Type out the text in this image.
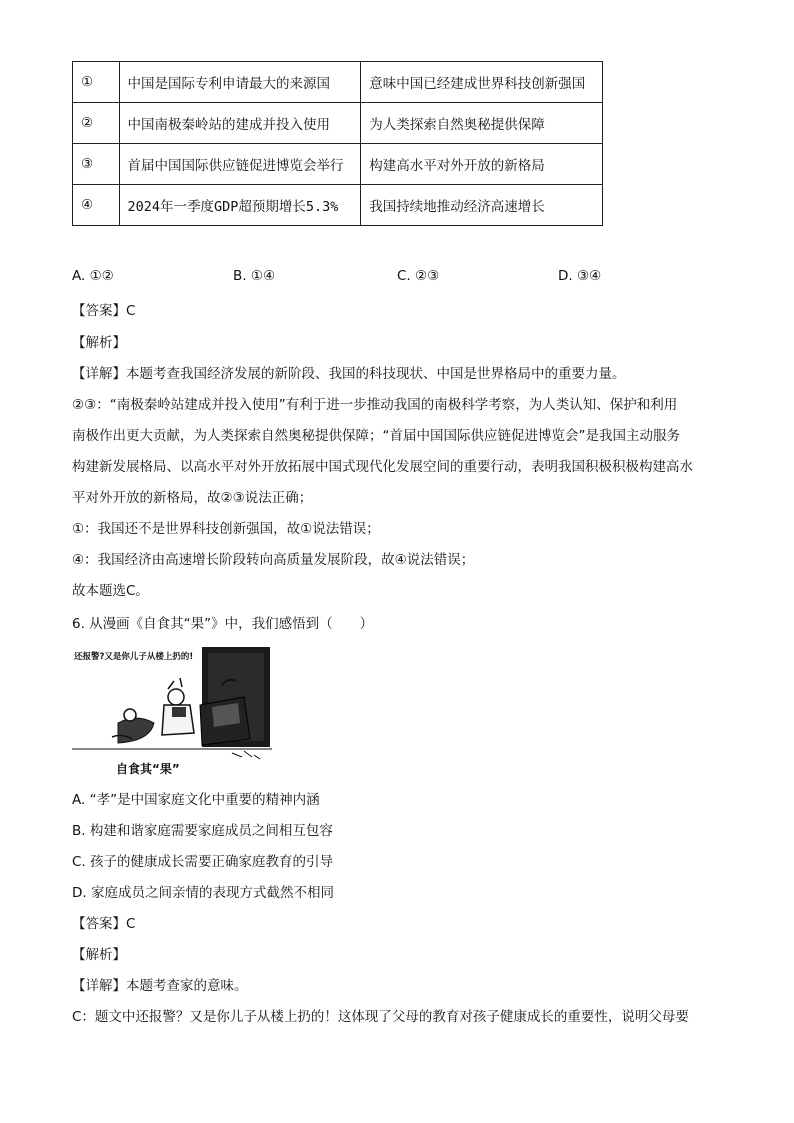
①	中国是国际专利申请最大的来源国	意味中国已经建成世界科技创新强国
②	中国南极秦岭站的建成并投入使用	为人类探索自然奥秘提供保障
③	首届中国国际供应链促进博览会举行	构建高水平对外开放的新格局
④	2024年一季度GDP超预期增长5.3%	我国持续地推动经济高速增长
A. ①②	B. ①④	C. ②③	D. ③④
【答案】C
【解析】
【详解】本题考查我国经济发展的新阶段、我国的科技现状、中国是世界格局中的重要力量。
②③：“南极秦岭站建成并投入使用”有利于进一步推动我国的南极科学考察，为人类认知、保护和利用
南极作出更大贡献，为人类探索自然奥秘提供保障；“首届中国国际供应链促进博览会”是我国主动服务
构建新发展格局、以高水平对外开放拓展中国式现代化发展空间的重要行动，表明我国积极积极构建高水
平对外开放的新格局，故②③说法正确；
①：我国还不是世界科技创新强国，故①说法错误；
④：我国经济由高速增长阶段转向高质量发展阶段，故④说法错误；
故本题选C。
6. 从漫画《自食其“果”》中，我们感悟到（　　）
还报警?又是你儿子从楼上扔的!
自食其“果”
A. “孝”是中国家庭文化中重要的精神内涵
B. 构建和谐家庭需要家庭成员之间相互包容
C. 孩子的健康成长需要正确家庭教育的引导
D. 家庭成员之间亲情的表现方式截然不相同
【答案】C
【解析】
【详解】本题考查家的意味。
C：题文中还报警？又是你儿子从楼上扔的！这体现了父母的教育对孩子健康成长的重要性，说明父母要
